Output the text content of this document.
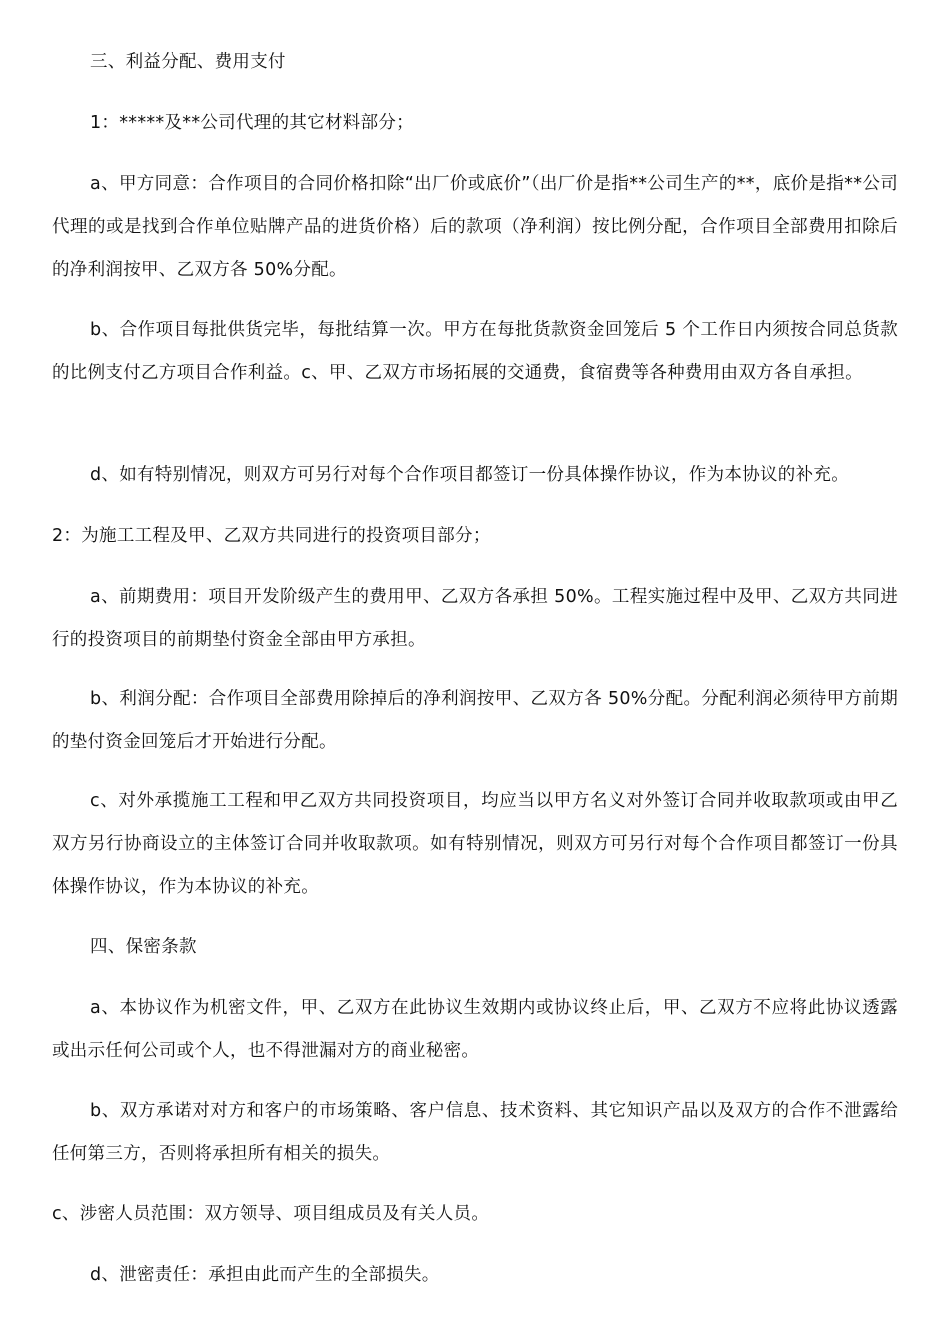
三、利益分配、费用支付

1：*****及**公司代理的其它材料部分；

a、甲方同意：合作项目的合同价格扣除“出厂价或底价”（出厂价是指**公司生产的**，底价是指**公司代理的或是找到合作单位贴牌产品的进货价格）后的款项（净利润）按比例分配，合作项目全部费用扣除后的净利润按甲、乙双方各 50%分配。

b、合作项目每批供货完毕，每批结算一次。甲方在每批货款资金回笼后 5 个工作日内须按合同总货款的比例支付乙方项目合作利益。c、甲、乙双方市场拓展的交通费，食宿费等各种费用由双方各自承担。

d、如有特别情况，则双方可另行对每个合作项目都签订一份具体操作协议，作为本协议的补充。

2：为施工工程及甲、乙双方共同进行的投资项目部分；

a、前期费用：项目开发阶级产生的费用甲、乙双方各承担 50%。工程实施过程中及甲、乙双方共同进行的投资项目的前期垫付资金全部由甲方承担。

b、利润分配：合作项目全部费用除掉后的净利润按甲、乙双方各 50%分配。分配利润必须待甲方前期的垫付资金回笼后才开始进行分配。

c、对外承揽施工工程和甲乙双方共同投资项目，均应当以甲方名义对外签订合同并收取款项或由甲乙双方另行协商设立的主体签订合同并收取款项。如有特别情况，则双方可另行对每个合作项目都签订一份具体操作协议，作为本协议的补充。

四、保密条款

a、本协议作为机密文件，甲、乙双方在此协议生效期内或协议终止后，甲、乙双方不应将此协议透露或出示任何公司或个人，也不得泄漏对方的商业秘密。

b、双方承诺对对方和客户的市场策略、客户信息、技术资料、其它知识产品以及双方的合作不泄露给任何第三方，否则将承担所有相关的损失。

c、涉密人员范围：双方领导、项目组成员及有关人员。

d、泄密责任：承担由此而产生的全部损失。
